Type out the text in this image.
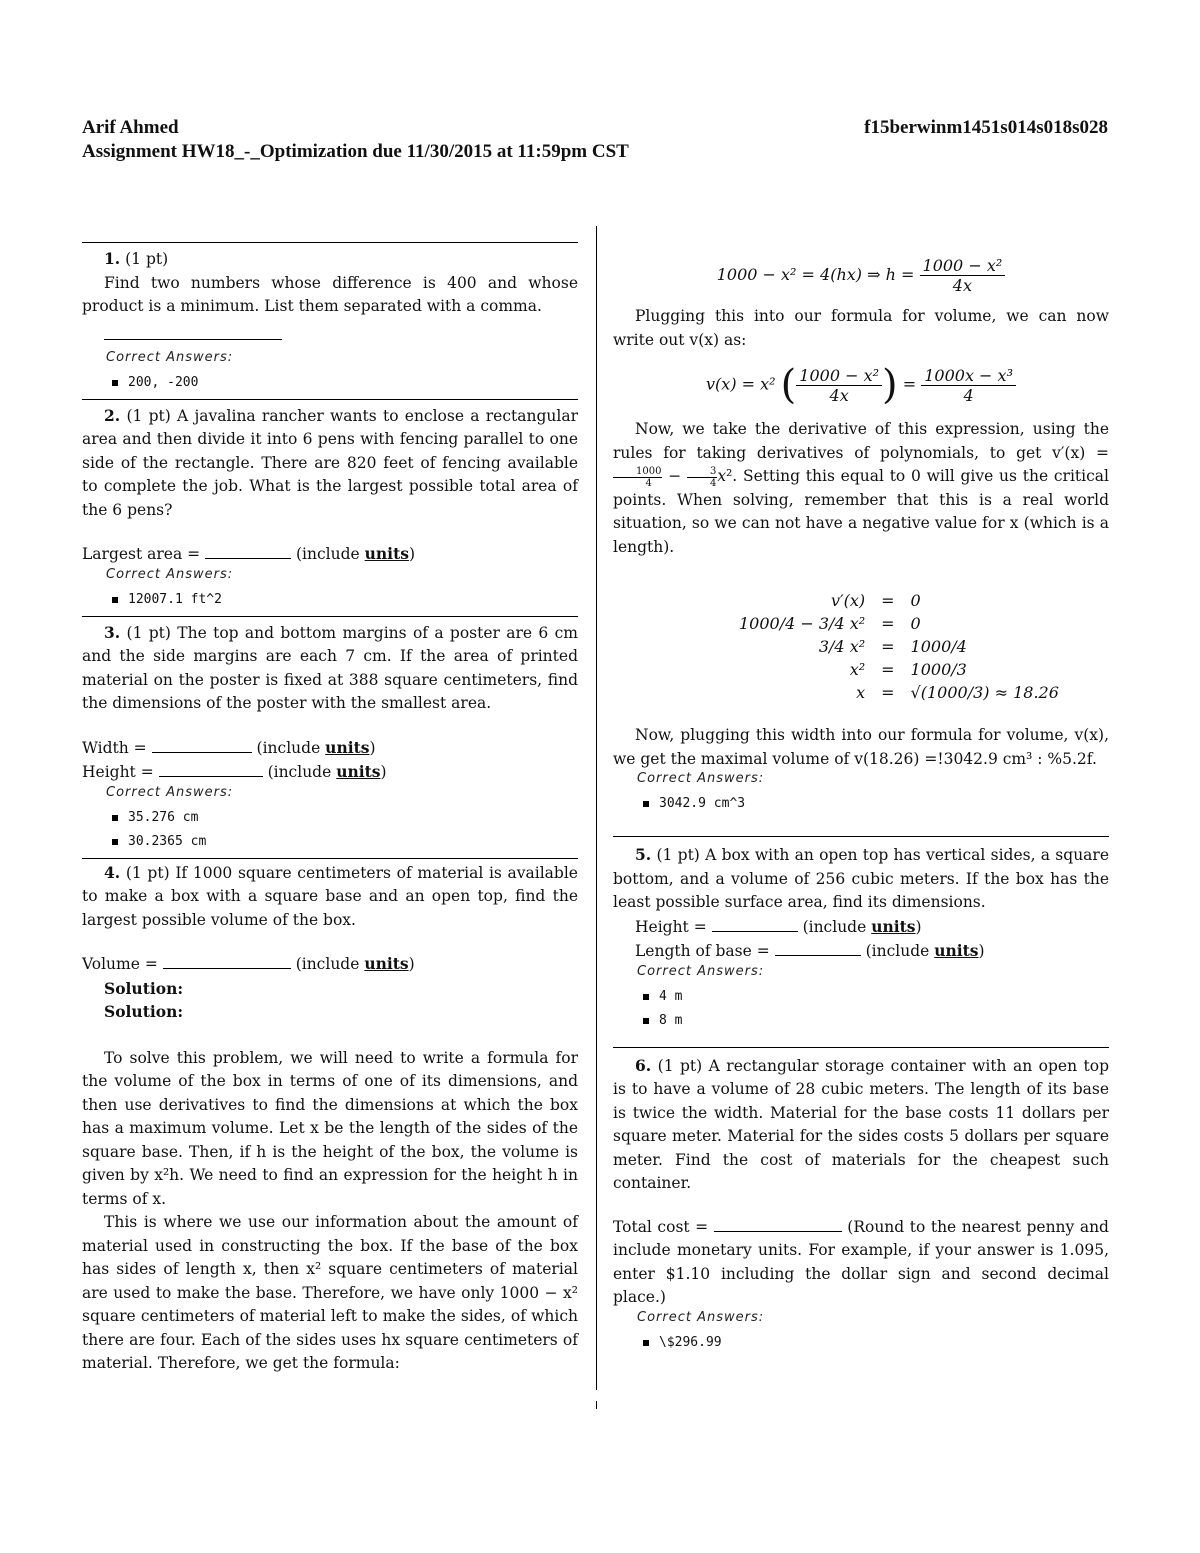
Arif Ahmed	f15berwinm1451s014s018s028
Assignment HW18_-_Optimization due 11/30/2015 at 11:59pm CST

1. (1 pt)

Find two numbers whose difference is 400 and whose product is a minimum. List them separated with a comma.

Correct Answers:
200, -200

2. (1 pt) A javalina rancher wants to enclose a rectangular area and then divide it into 6 pens with fencing parallel to one side of the rectangle. There are 820 feet of fencing available to complete the job. What is the largest possible total area of the 6 pens?

Largest area =	(include units)

Correct Answers:
12007.1 ft^2

3. (1 pt) The top and bottom margins of a poster are 6 cm and the side margins are each 7 cm. If the area of printed material on the poster is fixed at 388 square centimeters, find the dimensions of the poster with the smallest area.

Width =	(include units)

Height =	(include units)

Correct Answers:
35.276 cm
30.2365 cm

4. (1 pt) If 1000 square centimeters of material is available to make a box with a square base and an open top, find the largest possible volume of the box.

Volume =	(include units)

Solution:

Solution:

To solve this problem, we will need to write a formula for the volume of the box in terms of one of its dimensions, and then use derivatives to find the dimensions at which the box has a maximum volume. Let x be the length of the sides of the square base. Then, if h is the height of the box, the volume is given by x²h. We need to find an expression for the height h in terms of x.

This is where we use our information about the amount of material used in constructing the box. If the base of the box has sides of length x, then x² square centimeters of material are used to make the base. Therefore, we have only 1000 − x² square centimeters of material left to make the sides, of which there are four. Each of the sides uses hx square centimeters of material. Therefore, we get the formula:

1000 − x² = 4(hx) ⇒ $h = \frac{\text{1000 − x²}}{4x}$

Plugging this into our formula for volume, we can now write out v(x) as:

v(x) = x² ( $\frac{\text{1000 − x²}}{4x}$ ) = $\frac{\text{1000x − x³}}{4}$

Now, we take the derivative of this expression, using the rules for taking derivatives of polynomials, to get v′(x) =
$\frac{1000}{4} - \frac{3}{4} x^2$. Setting this equal to 0 will give us the critical points. When solving, remember that this is a real world situation, so we can not have a negative value for x (which is a length).

v′(x)	=	0
1000/4 − 3/4 x²	=	0
3/4 x²	=	1000/4
x²	=	1000/3
x	=	√(1000/3) ≈ 18.26

Now, plugging this width into our formula for volume, v(x), we get the maximal volume of v(18.26) =!3042.9 cm³ : %5.2f.

Correct Answers:
3042.9 cm^3

5. (1 pt) A box with an open top has vertical sides, a square bottom, and a volume of 256 cubic meters. If the box has the least possible surface area, find its dimensions.

Height =	(include units)

Length of base =	(include units)

Correct Answers:
4 m
8 m

6. (1 pt) A rectangular storage container with an open top is to have a volume of 28 cubic meters. The length of its base is twice the width. Material for the base costs 11 dollars per square meter. Material for the sides costs 5 dollars per square meter. Find the cost of materials for the cheapest such container.

Total cost =	(Round to the nearest penny and include monetary units. For example, if your answer is 1.095, enter $1.10 including the dollar sign and second decimal place.)

Correct Answers:
\$296.99
